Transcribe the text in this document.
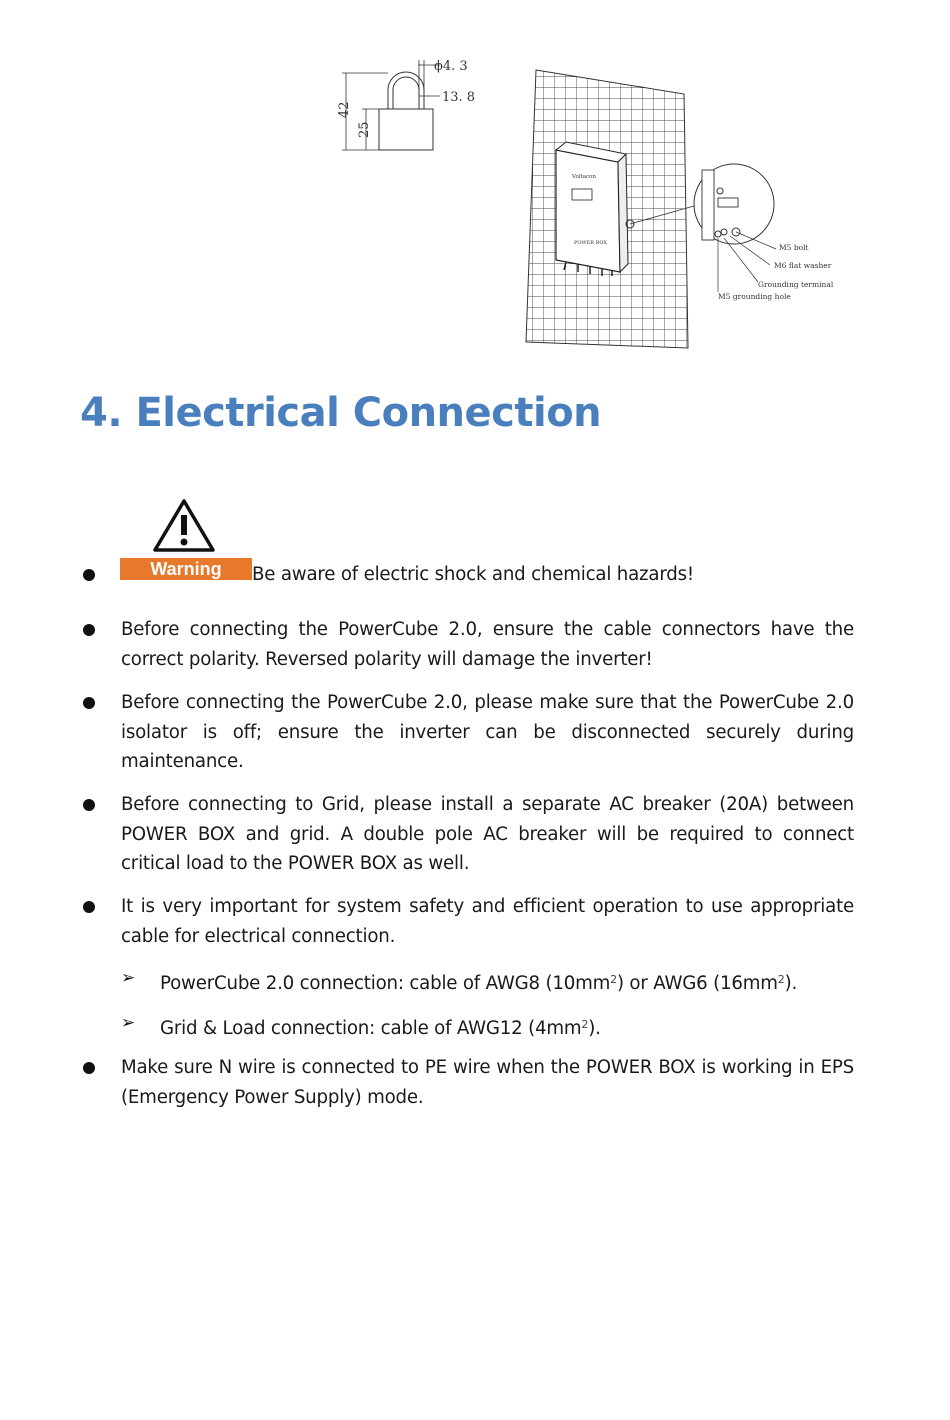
ϕ4. 3
13. 8
42
25
Voltacon
POWER BOX	M5 bolt
M6 flat washer
Grounding terminal
M5 grounding hole
4. Electrical Connection
Warning Be aware of electric shock and chemical hazards!

Before connecting the PowerCube 2.0, ensure the cable connectors have the correct polarity. Reversed polarity will damage the inverter!

Before connecting the PowerCube 2.0, please make sure that the PowerCube 2.0 isolator is off; ensure the inverter can be disconnected securely during maintenance.

Before connecting to Grid, please install a separate AC breaker (20A) between POWER BOX and grid. A double pole AC breaker will be required to connect critical load to the POWER BOX as well.

It is very important for system safety and efficient operation to use appropriate cable for electrical connection.

➢ PowerCube 2.0 connection: cable of AWG8 $(10mm^2)$ or AWG6 $(16mm^2)$.

➢ Grid & Load connection: cable of AWG12 $(4mm^2)$.

Make sure N wire is connected to PE wire when the POWER BOX is working in EPS (Emergency Power Supply) mode.
